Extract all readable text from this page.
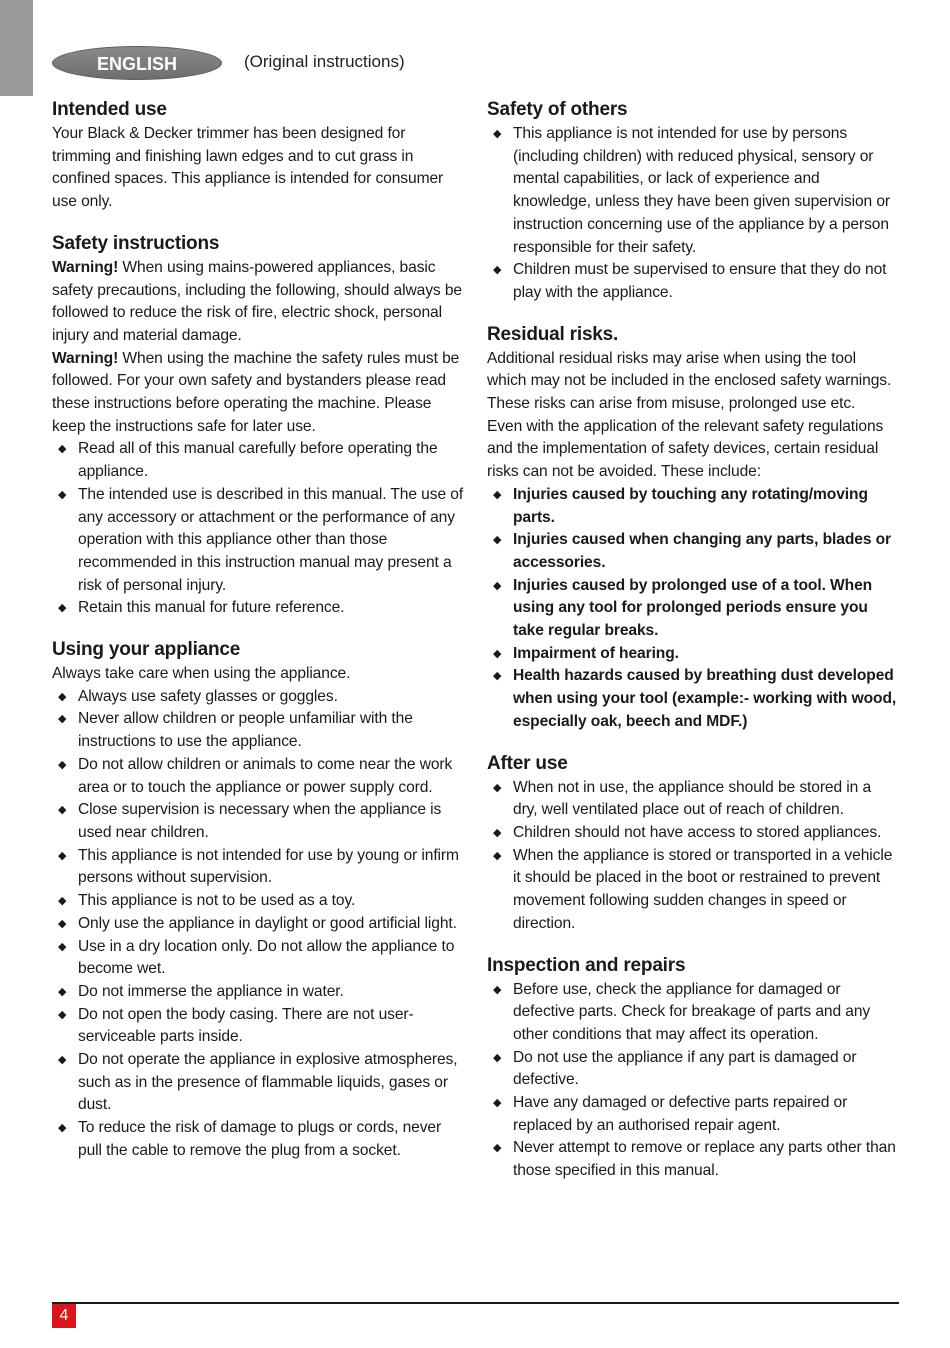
ENGLISH	(Original instructions)
Intended use

Your Black & Decker trimmer has been designed for trimming and finishing lawn edges and to cut grass in confined spaces. This appliance is intended for consumer use only.

Safety instructions

Warning! When using mains-powered appliances, basic safety precautions, including the following, should always be followed to reduce the risk of fire, electric shock, personal injury and material damage.

Warning! When using the machine the safety rules must be followed. For your own safety and bystanders please read these instructions before operating the machine. Please keep the instructions safe for later use.

◆ Read all of this manual carefully before operating the appliance.
◆ The intended use is described in this manual. The use of any accessory or attachment or the performance of any operation with this appliance other than those recommended in this instruction manual may present a risk of personal injury.
◆ Retain this manual for future reference.
Using your appliance

Always take care when using the appliance.

◆ Always use safety glasses or goggles.
◆ Never allow children or people unfamiliar with the instructions to use the appliance.
◆ Do not allow children or animals to come near the work area or to touch the appliance or power supply cord.
◆ Close supervision is necessary when the appliance is used near children.
◆ This appliance is not intended for use by young or infirm persons without supervision.
◆ This appliance is not to be used as a toy.
◆ Only use the appliance in daylight or good artificial light.
◆ Use in a dry location only. Do not allow the appliance to become wet.
◆ Do not immerse the appliance in water.
◆ Do not open the body casing. There are not user-serviceable parts inside.
◆ Do not operate the appliance in explosive atmospheres, such as in the presence of flammable liquids, gases or dust.
◆ To reduce the risk of damage to plugs or cords, never pull the cable to remove the plug from a socket.
Safety of others
◆ This appliance is not intended for use by persons (including children) with reduced physical, sensory or mental capabilities, or lack of experience and knowledge, unless they have been given supervision or instruction concerning use of the appliance by a person responsible for their safety.
◆ Children must be supervised to ensure that they do not play with the appliance.
Residual risks.

Additional residual risks may arise when using the tool which may not be included in the enclosed safety warnings. These risks can arise from misuse, prolonged use etc.

Even with the application of the relevant safety regulations and the implementation of safety devices, certain residual risks can not be avoided. These include:

◆ Injuries caused by touching any rotating/moving parts.
◆ Injuries caused when changing any parts, blades or accessories.
◆ Injuries caused by prolonged use of a tool. When using any tool for prolonged periods ensure you take regular breaks.
◆ Impairment of hearing.
◆ Health hazards caused by breathing dust developed when using your tool (example:- working with wood, especially oak, beech and MDF.)
After use
◆ When not in use, the appliance should be stored in a dry, well ventilated place out of reach of children.
◆ Children should not have access to stored appliances.
◆ When the appliance is stored or transported in a vehicle it should be placed in the boot or restrained to prevent movement following sudden changes in speed or direction.
Inspection and repairs
◆ Before use, check the appliance for damaged or defective parts. Check for breakage of parts and any other conditions that may affect its operation.
◆ Do not use the appliance if any part is damaged or defective.
◆ Have any damaged or defective parts repaired or replaced by an authorised repair agent.
◆ Never attempt to remove or replace any parts other than those specified in this manual.
4
